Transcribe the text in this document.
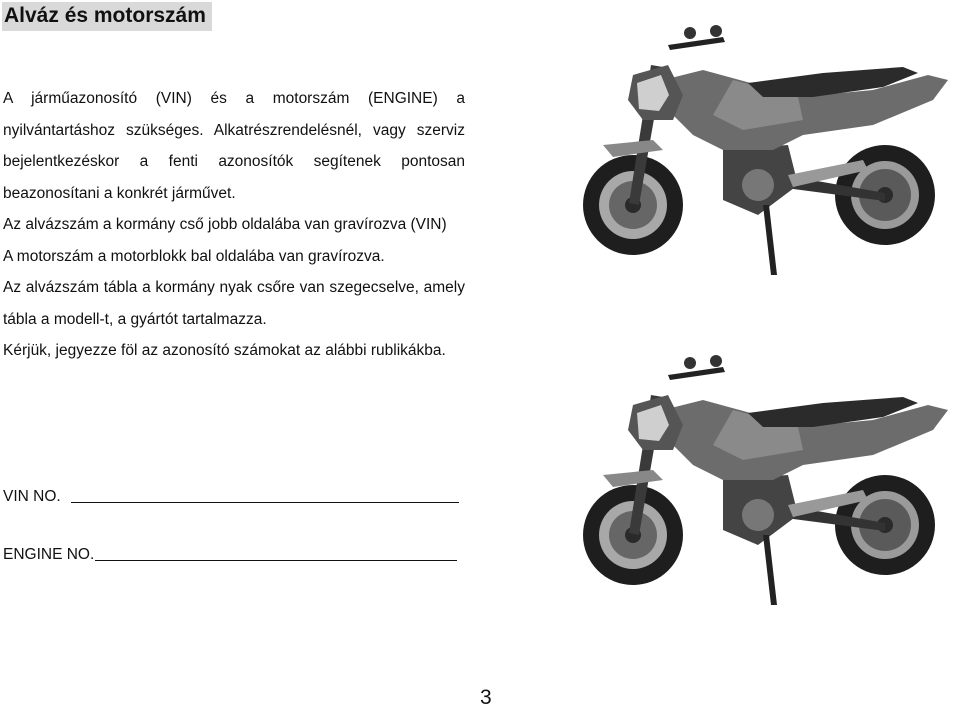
Alváz és motorszám

A járműazonosító (VIN) és a motorszám (ENGINE) a nyilvántartáshoz szükséges. Alkatrészrendelésnél, vagy szerviz bejelentkezéskor a fenti azonosítók segítenek pontosan beazonosítani a konkrét járművet.

Az alvázszám a kormány cső jobb oldalába van gravírozva (VIN)

A motorszám a motorblokk bal oldalába van gravírozva.

Az alvázszám tábla a kormány nyak csőre van szegecselve, amely tábla a modell-t, a gyártót tartalmazza.

Kérjük, jegyezze föl az azonosító számokat az alábbi rublikákba.

VIN NO.
ENGINE NO.
3
